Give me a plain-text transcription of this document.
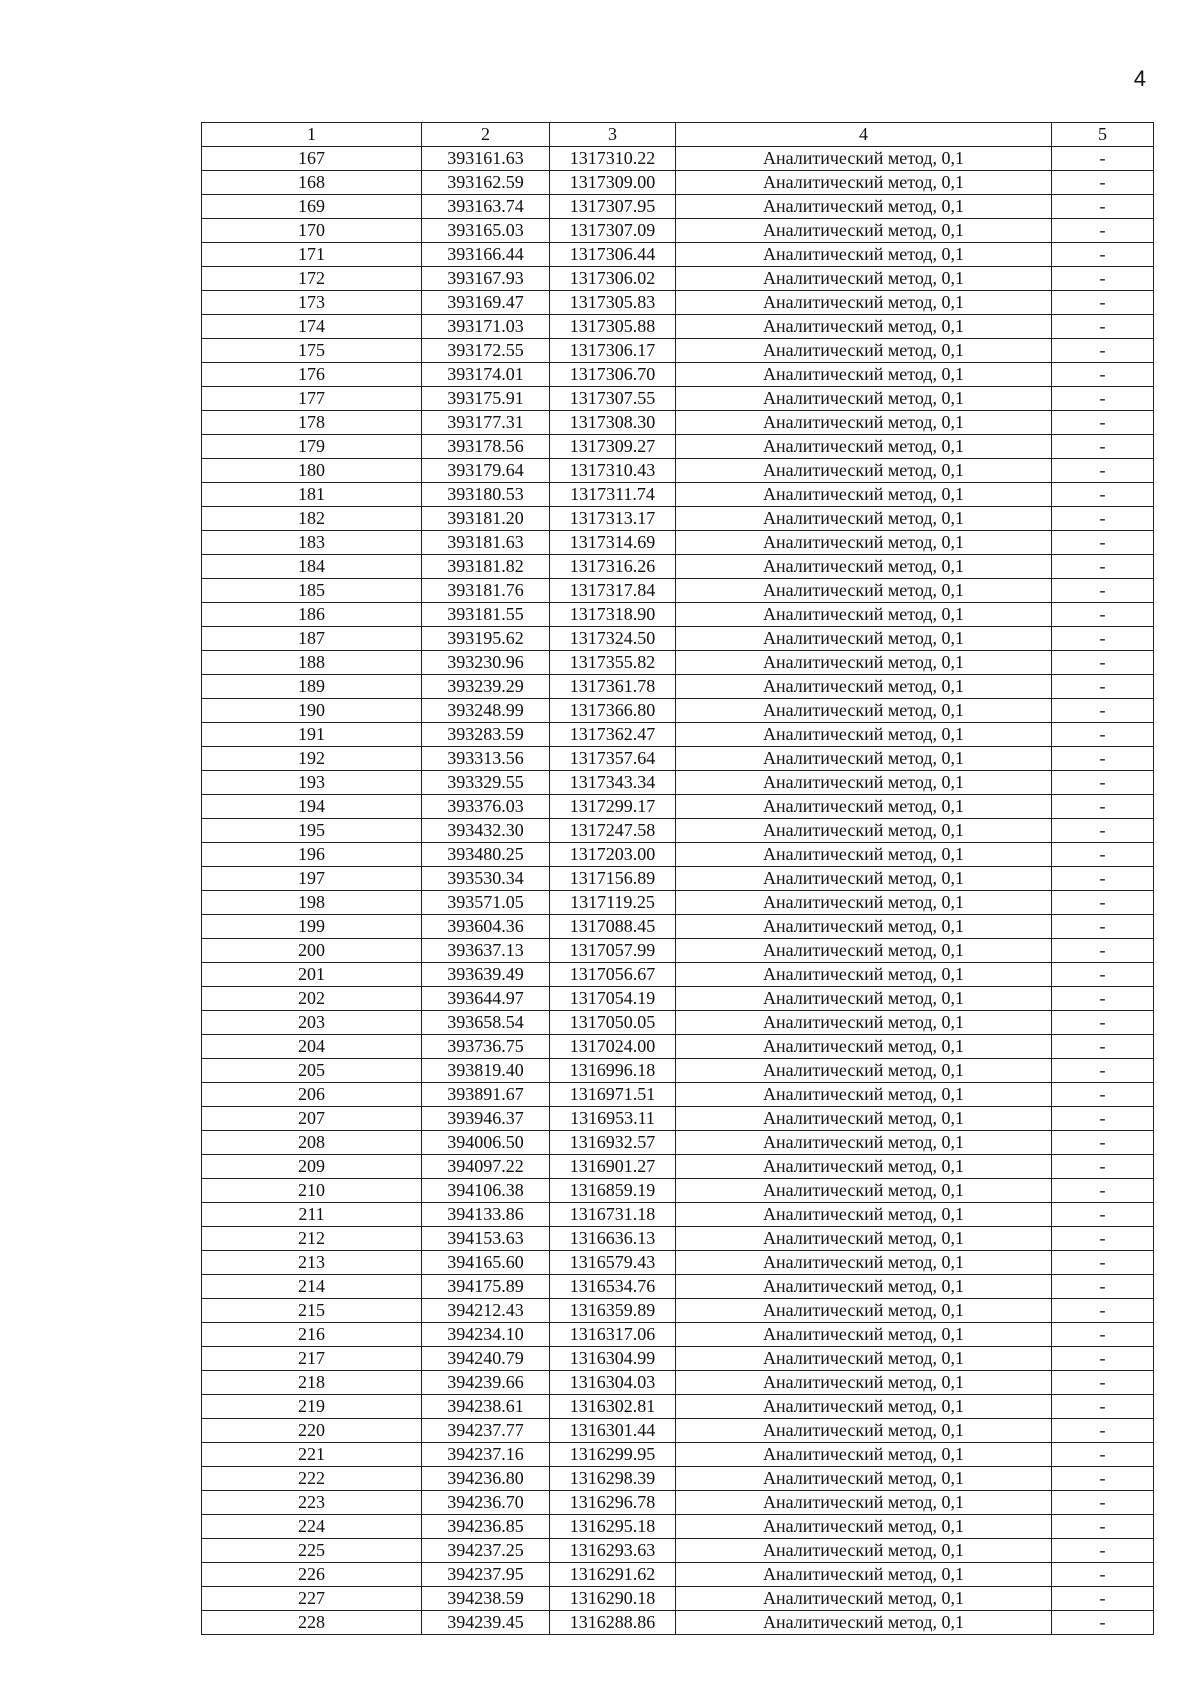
4
1	2	3	4	5
167	393161.63	1317310.22	Аналитический метод, 0,1	-
168	393162.59	1317309.00	Аналитический метод, 0,1	-
169	393163.74	1317307.95	Аналитический метод, 0,1	-
170	393165.03	1317307.09	Аналитический метод, 0,1	-
171	393166.44	1317306.44	Аналитический метод, 0,1	-
172	393167.93	1317306.02	Аналитический метод, 0,1	-
173	393169.47	1317305.83	Аналитический метод, 0,1	-
174	393171.03	1317305.88	Аналитический метод, 0,1	-
175	393172.55	1317306.17	Аналитический метод, 0,1	-
176	393174.01	1317306.70	Аналитический метод, 0,1	-
177	393175.91	1317307.55	Аналитический метод, 0,1	-
178	393177.31	1317308.30	Аналитический метод, 0,1	-
179	393178.56	1317309.27	Аналитический метод, 0,1	-
180	393179.64	1317310.43	Аналитический метод, 0,1	-
181	393180.53	1317311.74	Аналитический метод, 0,1	-
182	393181.20	1317313.17	Аналитический метод, 0,1	-
183	393181.63	1317314.69	Аналитический метод, 0,1	-
184	393181.82	1317316.26	Аналитический метод, 0,1	-
185	393181.76	1317317.84	Аналитический метод, 0,1	-
186	393181.55	1317318.90	Аналитический метод, 0,1	-
187	393195.62	1317324.50	Аналитический метод, 0,1	-
188	393230.96	1317355.82	Аналитический метод, 0,1	-
189	393239.29	1317361.78	Аналитический метод, 0,1	-
190	393248.99	1317366.80	Аналитический метод, 0,1	-
191	393283.59	1317362.47	Аналитический метод, 0,1	-
192	393313.56	1317357.64	Аналитический метод, 0,1	-
193	393329.55	1317343.34	Аналитический метод, 0,1	-
194	393376.03	1317299.17	Аналитический метод, 0,1	-
195	393432.30	1317247.58	Аналитический метод, 0,1	-
196	393480.25	1317203.00	Аналитический метод, 0,1	-
197	393530.34	1317156.89	Аналитический метод, 0,1	-
198	393571.05	1317119.25	Аналитический метод, 0,1	-
199	393604.36	1317088.45	Аналитический метод, 0,1	-
200	393637.13	1317057.99	Аналитический метод, 0,1	-
201	393639.49	1317056.67	Аналитический метод, 0,1	-
202	393644.97	1317054.19	Аналитический метод, 0,1	-
203	393658.54	1317050.05	Аналитический метод, 0,1	-
204	393736.75	1317024.00	Аналитический метод, 0,1	-
205	393819.40	1316996.18	Аналитический метод, 0,1	-
206	393891.67	1316971.51	Аналитический метод, 0,1	-
207	393946.37	1316953.11	Аналитический метод, 0,1	-
208	394006.50	1316932.57	Аналитический метод, 0,1	-
209	394097.22	1316901.27	Аналитический метод, 0,1	-
210	394106.38	1316859.19	Аналитический метод, 0,1	-
211	394133.86	1316731.18	Аналитический метод, 0,1	-
212	394153.63	1316636.13	Аналитический метод, 0,1	-
213	394165.60	1316579.43	Аналитический метод, 0,1	-
214	394175.89	1316534.76	Аналитический метод, 0,1	-
215	394212.43	1316359.89	Аналитический метод, 0,1	-
216	394234.10	1316317.06	Аналитический метод, 0,1	-
217	394240.79	1316304.99	Аналитический метод, 0,1	-
218	394239.66	1316304.03	Аналитический метод, 0,1	-
219	394238.61	1316302.81	Аналитический метод, 0,1	-
220	394237.77	1316301.44	Аналитический метод, 0,1	-
221	394237.16	1316299.95	Аналитический метод, 0,1	-
222	394236.80	1316298.39	Аналитический метод, 0,1	-
223	394236.70	1316296.78	Аналитический метод, 0,1	-
224	394236.85	1316295.18	Аналитический метод, 0,1	-
225	394237.25	1316293.63	Аналитический метод, 0,1	-
226	394237.95	1316291.62	Аналитический метод, 0,1	-
227	394238.59	1316290.18	Аналитический метод, 0,1	-
228	394239.45	1316288.86	Аналитический метод, 0,1	-
